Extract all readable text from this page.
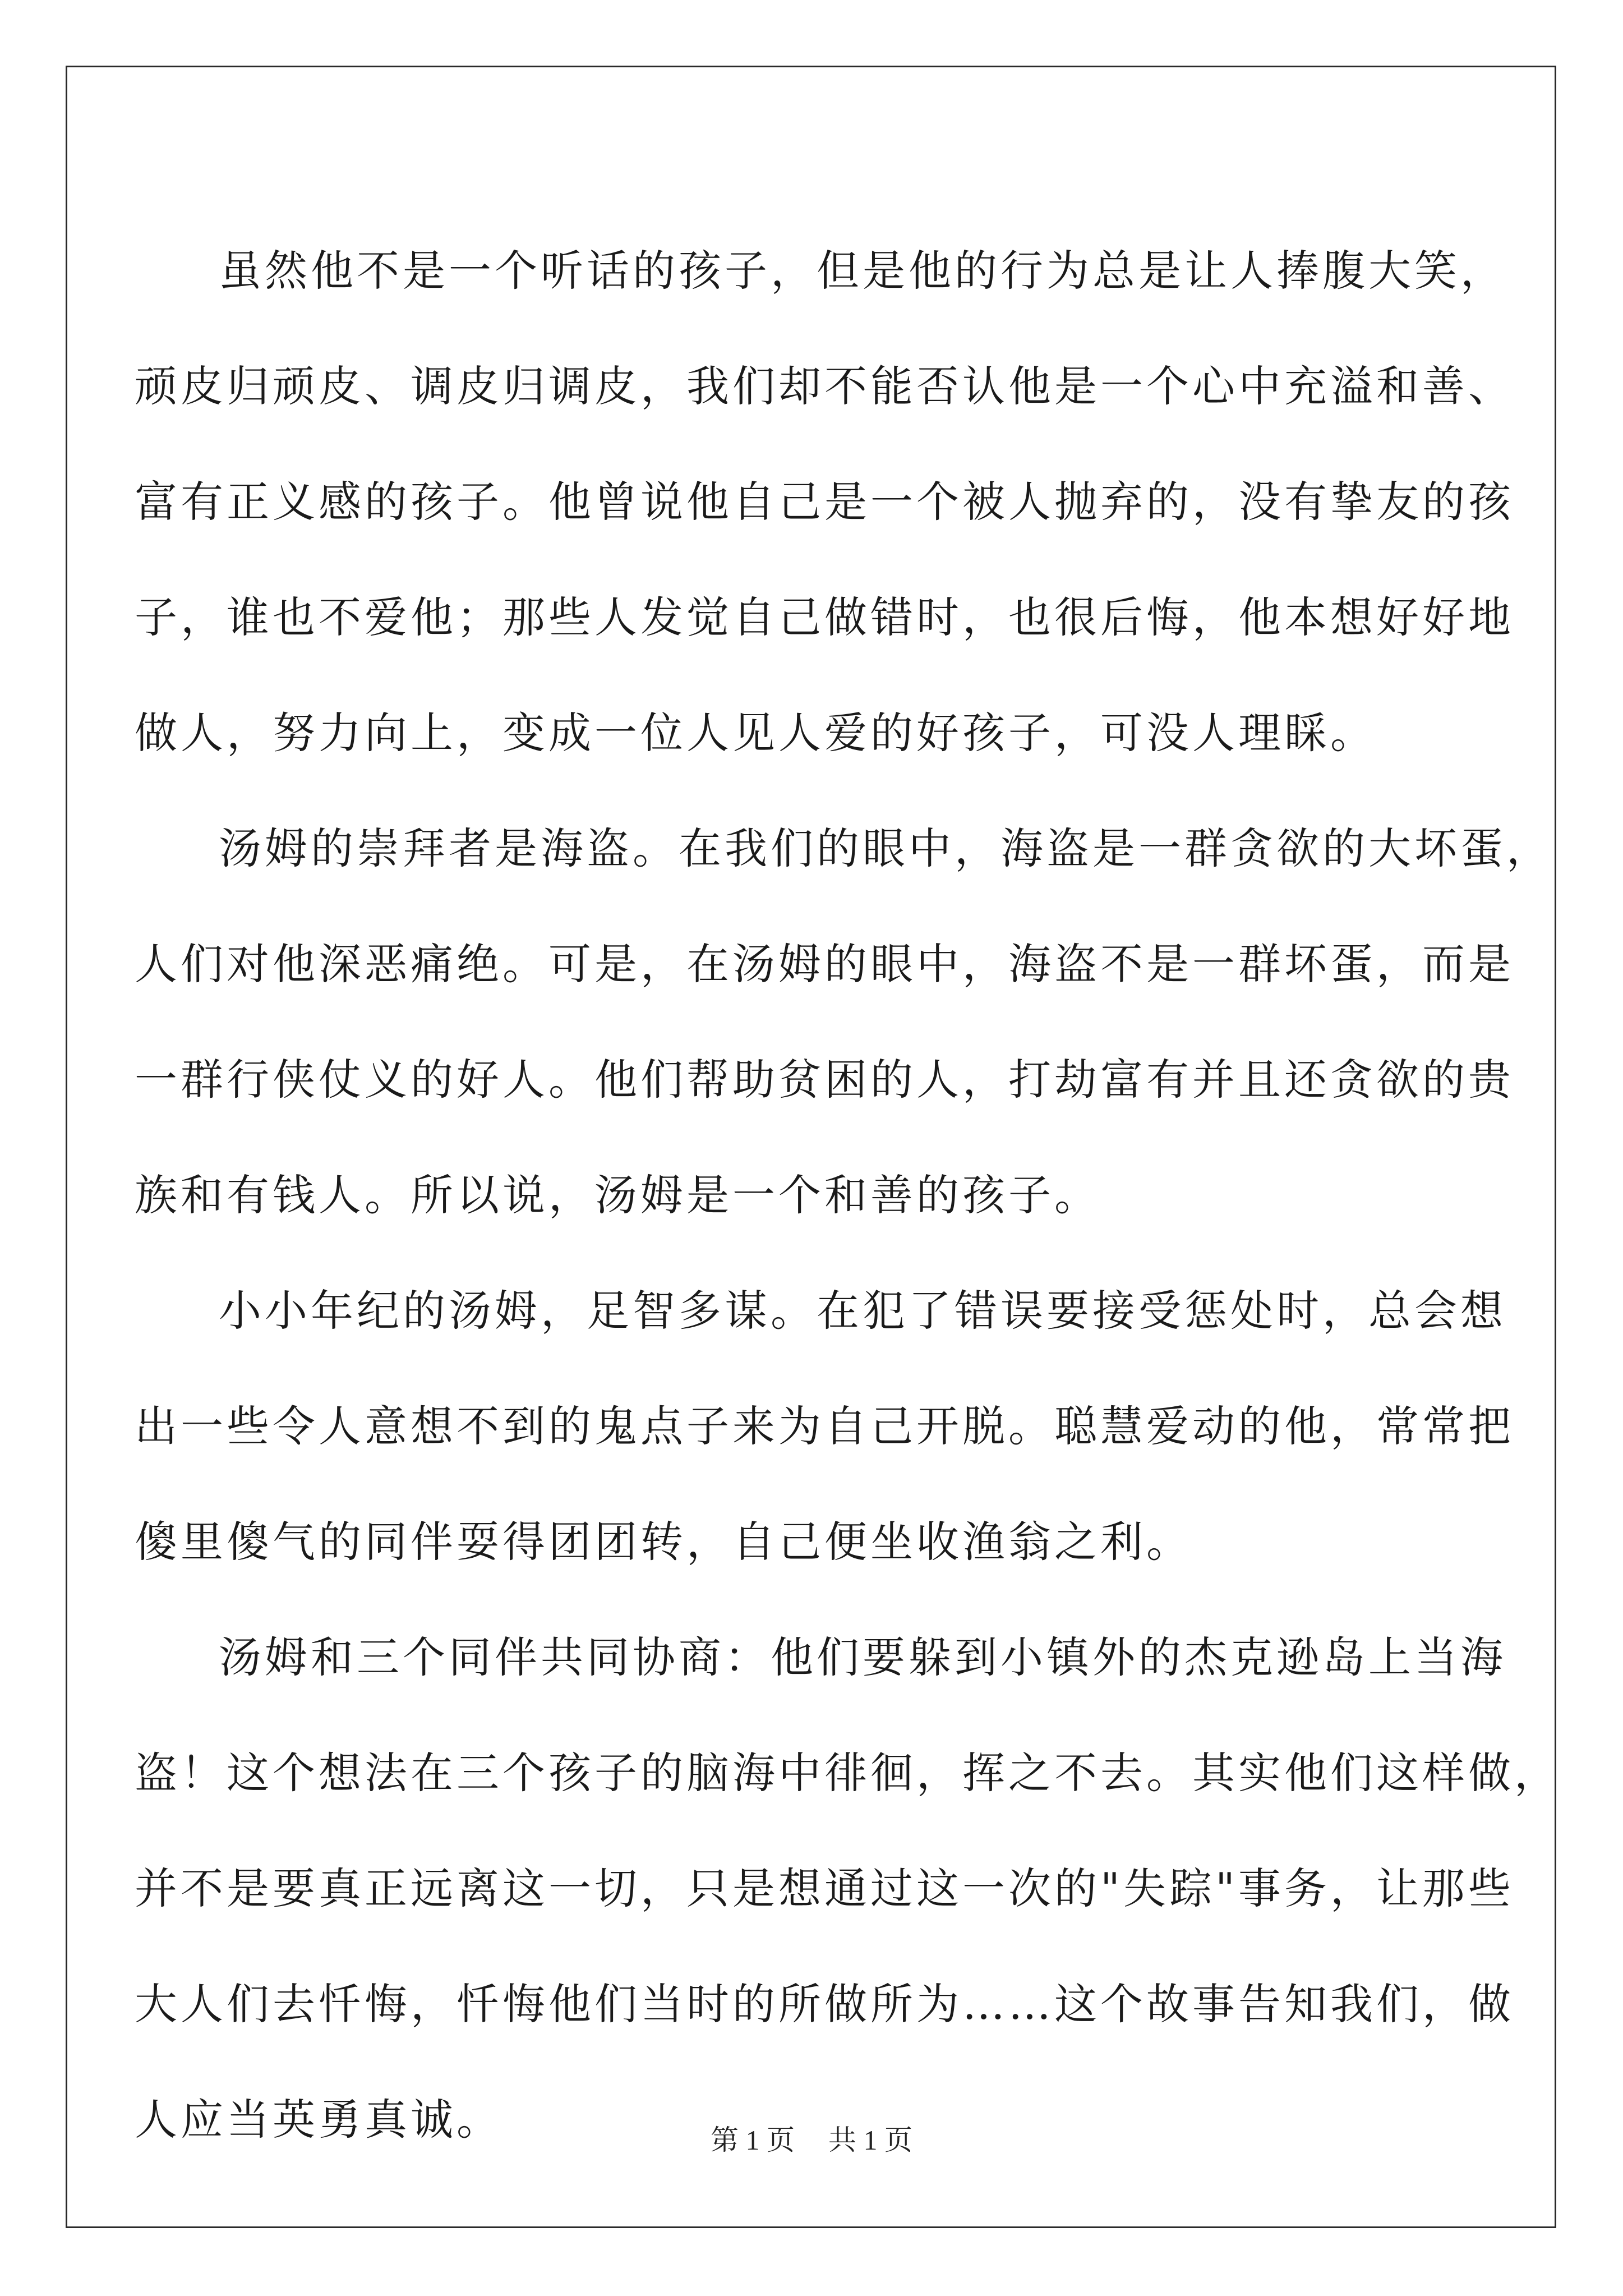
虽然他不是一个听话的孩子，但是他的行为总是让人捧腹大笑，
顽皮归顽皮、调皮归调皮，我们却不能否认他是一个心中充溢和善、
富有正义感的孩子。他曾说他自己是一个被人抛弃的，没有挚友的孩
子，谁也不爱他；那些人发觉自己做错时，也很后悔，他本想好好地
做人，努力向上，变成一位人见人爱的好孩子，可没人理睬。
汤姆的崇拜者是海盗。在我们的眼中，海盗是一群贪欲的大坏蛋，
人们对他深恶痛绝。可是，在汤姆的眼中，海盗不是一群坏蛋，而是
一群行侠仗义的好人。他们帮助贫困的人，打劫富有并且还贪欲的贵
族和有钱人。所以说，汤姆是一个和善的孩子。
小小年纪的汤姆，足智多谋。在犯了错误要接受惩处时，总会想
出一些令人意想不到的鬼点子来为自己开脱。聪慧爱动的他，常常把
傻里傻气的同伴耍得团团转，自己便坐收渔翁之利。
汤姆和三个同伴共同协商：他们要躲到小镇外的杰克逊岛上当海
盗！这个想法在三个孩子的脑海中徘徊，挥之不去。其实他们这样做，
并不是要真正远离这一切，只是想通过这一次的"失踪"事务，让那些
大人们去忏悔，忏悔他们当时的所做所为……这个故事告知我们，做
人应当英勇真诚。	第 1 页 共 1 页
